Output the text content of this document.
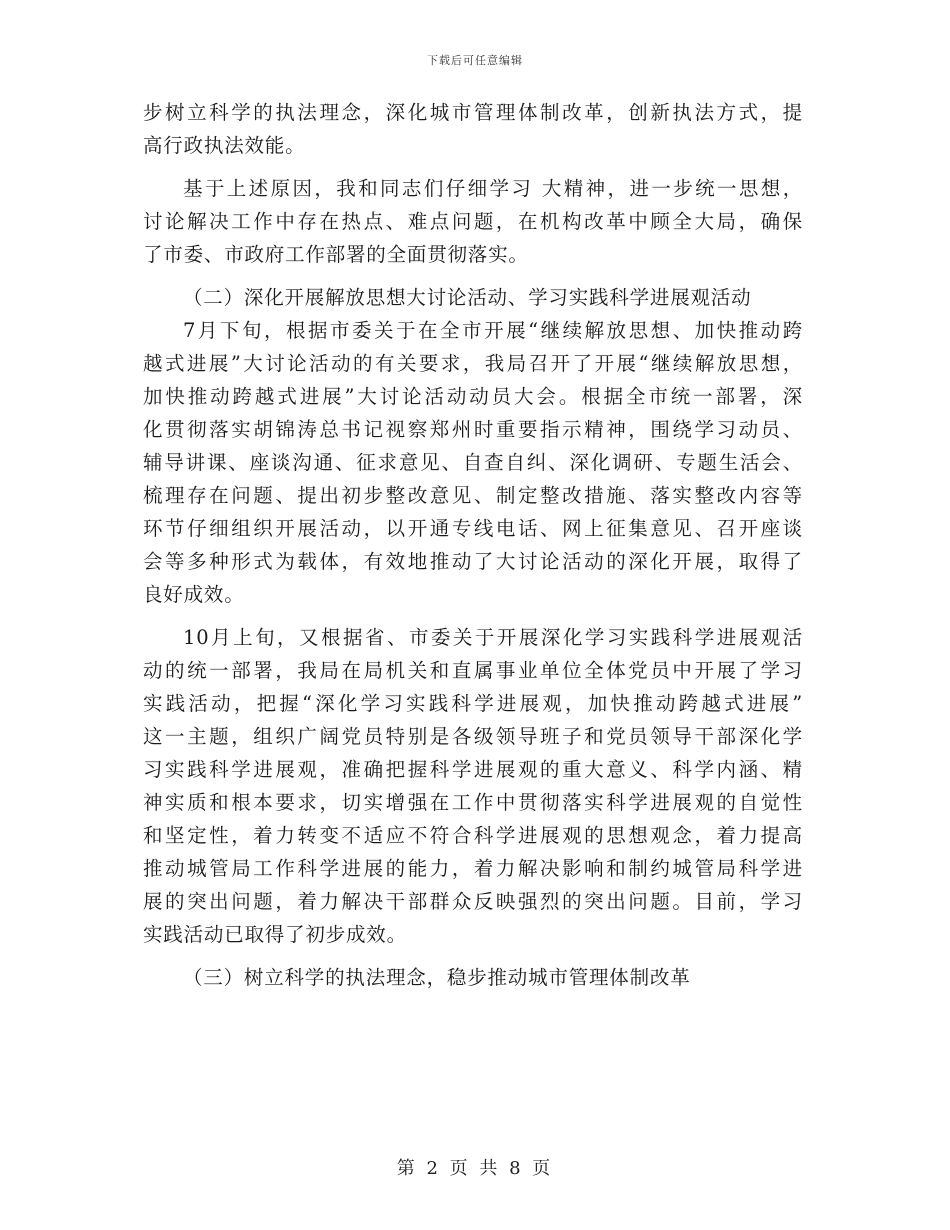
下载后可任意编辑
步树立科学的执法理念，深化城市管理体制改革，创新执法方式，提
高行政执法效能。
基于上述原因，我和同志们仔细学习 大精神，进一步统一思想，
讨论解决工作中存在热点、难点问题，在机构改革中顾全大局，确保
了市委、市政府工作部署的全面贯彻落实。
（二）深化开展解放思想大讨论活动、学习实践科学进展观活动
7月下旬，根据市委关于在全市开展“继续解放思想、加快推动跨
越式进展”大讨论活动的有关要求，我局召开了开展“继续解放思想，
加快推动跨越式进展”大讨论活动动员大会。根据全市统一部署，深
化贯彻落实胡锦涛总书记视察郑州时重要指示精神，围绕学习动员、
辅导讲课、座谈沟通、征求意见、自查自纠、深化调研、专题生活会、
梳理存在问题、提出初步整改意见、制定整改措施、落实整改内容等
环节仔细组织开展活动，以开通专线电话、网上征集意见、召开座谈
会等多种形式为载体，有效地推动了大讨论活动的深化开展，取得了
良好成效。
10月上旬，又根据省、市委关于开展深化学习实践科学进展观活
动的统一部署，我局在局机关和直属事业单位全体党员中开展了学习
实践活动，把握“深化学习实践科学进展观，加快推动跨越式进展”
这一主题，组织广阔党员特别是各级领导班子和党员领导干部深化学
习实践科学进展观，准确把握科学进展观的重大意义、科学内涵、精
神实质和根本要求，切实增强在工作中贯彻落实科学进展观的自觉性
和坚定性，着力转变不适应不符合科学进展观的思想观念，着力提高
推动城管局工作科学进展的能力，着力解决影响和制约城管局科学进
展的突出问题，着力解决干部群众反映强烈的突出问题。目前，学习
实践活动已取得了初步成效。
（三）树立科学的执法理念，稳步推动城市管理体制改革
第 2 页 共 8 页
